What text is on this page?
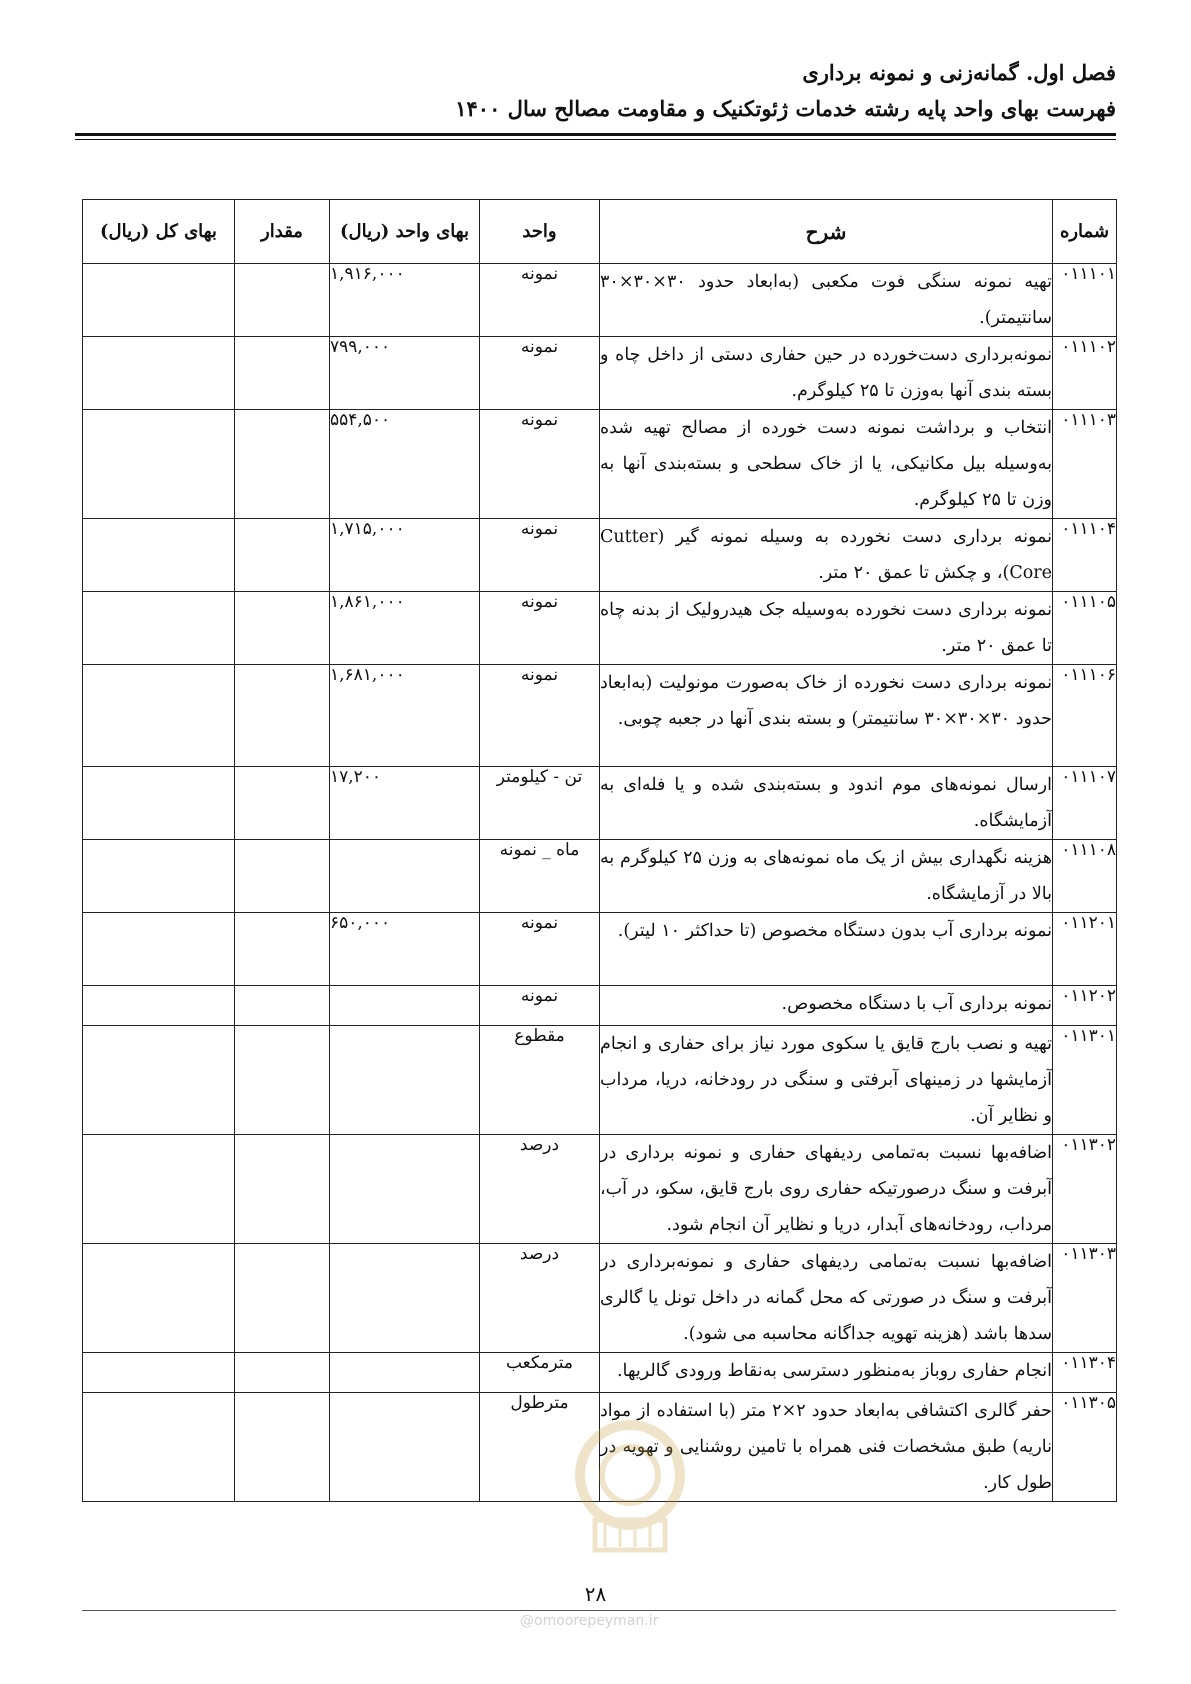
فصل اول. گمانه‌زنی و نمونه برداری
فهرست بهای واحد پایه رشته خدمات ژئوتکنیک و مقاومت مصالح سال ۱۴۰۰
شماره	شرح	واحد	بهای واحد (ریال)	مقدار	بهای کل (ریال)
۰۱۱۱۰۱	تهیه نمونه سنگی فوت مکعبی (به‌ابعاد حدود ۳۰×۳۰×۳۰ سانتیمتر).	نمونه	۱,۹۱۶,۰۰۰		
۰۱۱۱۰۲	نمونه‌برداری دست‌خورده در حین حفاری دستی از داخل چاه و بسته بندی آنها به‌وزن تا ۲۵ کیلوگرم.	نمونه	۷۹۹,۰۰۰		
۰۱۱۱۰۳	انتخاب و برداشت نمونه دست خورده از مصالح تهیه شده به‌وسیله بیل مکانیکی، یا از خاک سطحی و بسته‌بندی آنها به وزن تا ۲۵ کیلوگرم.	نمونه	۵۵۴,۵۰۰		
۰۱۱۱۰۴	نمونه برداری دست نخورده به وسیله نمونه گیر (Cutter Core)، و چکش تا عمق ۲۰ متر.	نمونه	۱,۷۱۵,۰۰۰		
۰۱۱۱۰۵	نمونه برداری دست نخورده به‌وسیله جک هیدرولیک از بدنه چاه تا عمق ۲۰ متر.	نمونه	۱,۸۶۱,۰۰۰		
۰۱۱۱۰۶	نمونه برداری دست نخورده از خاک به‌صورت مونولیت (به‌ابعاد حدود ۳۰×۳۰×۳۰ سانتیمتر) و بسته بندی آنها در جعبه چوبی.	نمونه	۱,۶۸۱,۰۰۰		
۰۱۱۱۰۷	ارسال نمونه‌های موم اندود و بسته‌بندی شده و یا فله‌ای به آزمایشگاه.	تن - کیلومتر	۱۷,۲۰۰		
۰۱۱۱۰۸	هزینه نگهداری بیش از یک ماه نمونه‌های به وزن ۲۵ کیلوگرم به بالا در آزمایشگاه.	ماه _ نمونه			
۰۱۱۲۰۱	نمونه برداری آب بدون دستگاه مخصوص (تا حداکثر ۱۰ لیتر).	نمونه	۶۵۰,۰۰۰		
۰۱۱۲۰۲	نمونه برداری آب با دستگاه مخصوص.	نمونه			
۰۱۱۳۰۱	تهیه و نصب بارج قایق یا سکوی مورد نیاز برای حفاری و انجام آزمایشها در زمینهای آبرفتی و سنگی در رودخانه، دریا، مرداب و نظایر آن.	مقطوع			
۰۱۱۳۰۲	اضافه‌بها نسبت به‌تمامی ردیفهای حفاری و نمونه برداری در آبرفت و سنگ درصورتیکه حفاری روی بارج قایق، سکو، در آب، مرداب، رودخانه‌های آبدار، دریا و نظایر آن انجام شود.	درصد			
۰۱۱۳۰۳	اضافه‌بها نسبت به‌تمامی ردیفهای حفاری و نمونه‌برداری در آبرفت و سنگ در صورتی که محل گمانه در داخل تونل یا گالری سدها باشد (هزینه تهویه جداگانه محاسبه می شود).	درصد			
۰۱۱۳۰۴	انجام حفاری روباز به‌منظور دسترسی به‌نقاط ورودی گالریها.	مترمکعب			
۰۱۱۳۰۵	حفر گالری اکتشافی به‌ابعاد حدود ۲×۲ متر (با استفاده از مواد ناریه) طبق مشخصات فنی همراه با تامین روشنایی و تهویه در طول کار.	مترطول			
۲۸
@omoorepeyman.ir
